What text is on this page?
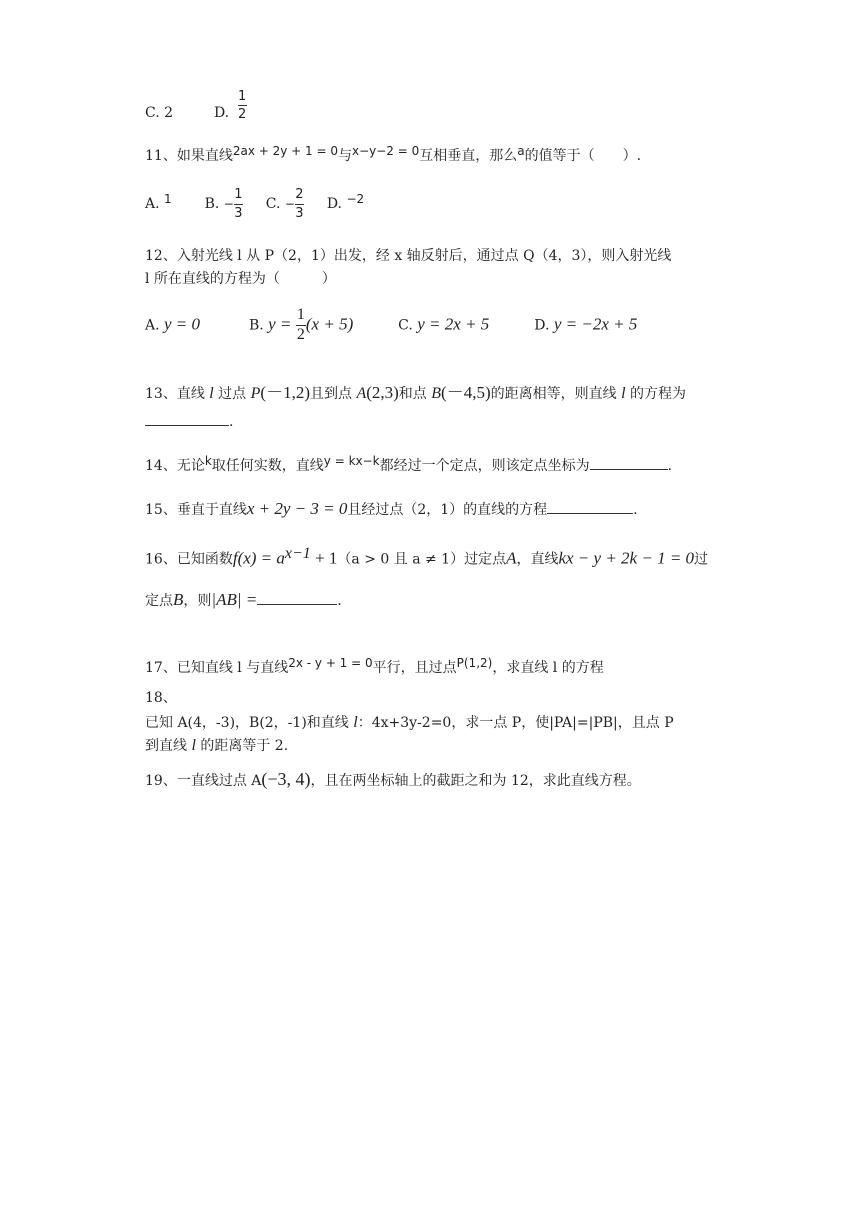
C. 2	D. $\frac{1}{2}$
11、如果直线2ax + 2y + 1 = 0与x−y−2 = 0互相垂直，那么a的值等于（　　）.
A. 1 B. − $\frac{1}{3} C$. − $\frac{2}{3} D$. −2
12、入射光线 l 从 P（2，1）出发，经 x 轴反射后，通过点 Q（4，3），则入射光线
l 所在直线的方程为（　　　）
A. y = 0	B. $y = \frac{1}{2} (x + 5)$	C. y = 2x + 5	D. y = −2x + 5
13、直线 l 过点 P(－1,2)且到点 A(2,3)和点 B(－4,5)的距离相等，则直线 l 的方程为
.
14、无论k取任何实数，直线y = kx−k都经过一个定点，则该定点坐标为	.
15、垂直于直线x + 2y − 3 = 0且经过点（2，1）的直线的方程	.
16、已知函数$f(x) = a^{x-1} + 1(a > 0$ 且 a ≠ 1）过定点A，直线kx − y + 2k − 1 = 0过
定点B，则|AB| =	.
17、已知直线 l 与直线2x - y + 1 = 0平行，且过点P(1,2)，求直线 l 的方程
18、
已知 A(4，-3)，B(2，-1)和直线 l：4x+3y-2=0，求一点 P，使|PA|=|PB|，且点 P
到直线 l 的距离等于 2.
19、一直线过点 A(−3, 4)，且在两坐标轴上的截距之和为 12，求此直线方程。
